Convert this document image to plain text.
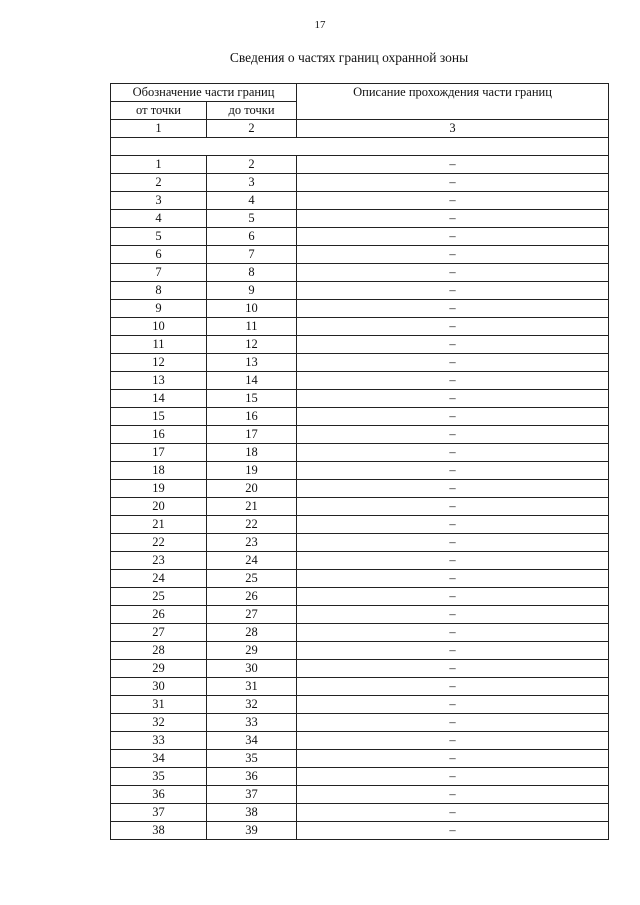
17
Сведения о частях границ охранной зоны
Обозначение части границ		Описание прохождения части границ
от точки	до точки	
1	2	3

1	2	–
2	3	–
3	4	–
4	5	–
5	6	–
6	7	–
7	8	–
8	9	–
9	10	–
10	11	–
11	12	–
12	13	–
13	14	–
14	15	–
15	16	–
16	17	–
17	18	–
18	19	–
19	20	–
20	21	–
21	22	–
22	23	–
23	24	–
24	25	–
25	26	–
26	27	–
27	28	–
28	29	–
29	30	–
30	31	–
31	32	–
32	33	–
33	34	–
34	35	–
35	36	–
36	37	–
37	38	–
38	39	–
